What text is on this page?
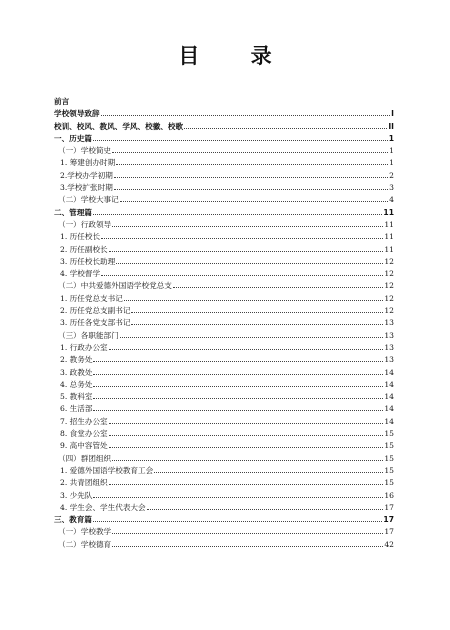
目 录
前言
学校领导致辞	I
校训、校风、教风、学风、校徽、校歌	II
一、历史篇	1
（一）学校简史	1
1. 筹建创办时期	1
2.学校办学初期	2
3.学校扩张时期	3
（二）学校大事记	4
二、管理篇	11
（一）行政领导	11
1. 历任校长	11
2. 历任副校长	11
3. 历任校长助理	12
4. 学校督学	12
（二）中共爱德外国语学校党总支	12
1. 历任党总支书记	12
2. 历任党总支副书记	12
3. 历任各党支部书记	13
（三）各职能部门	13
1. 行政办公室	13
2. 教务处	13
3. 政教处	14
4. 总务处	14
5. 教科室	14
6. 生活部	14
7. 招生办公室	14
8. 食堂办公室	15
9. 高中容管处	15
（四）群团组织	15
1. 爱德外国语学校教育工会	15
2. 共青团组织	15
3. 少先队	16
4. 学生会、学生代表大会	17
三、教育篇	17
（一）学校教学	17
（二）学校德育	42
